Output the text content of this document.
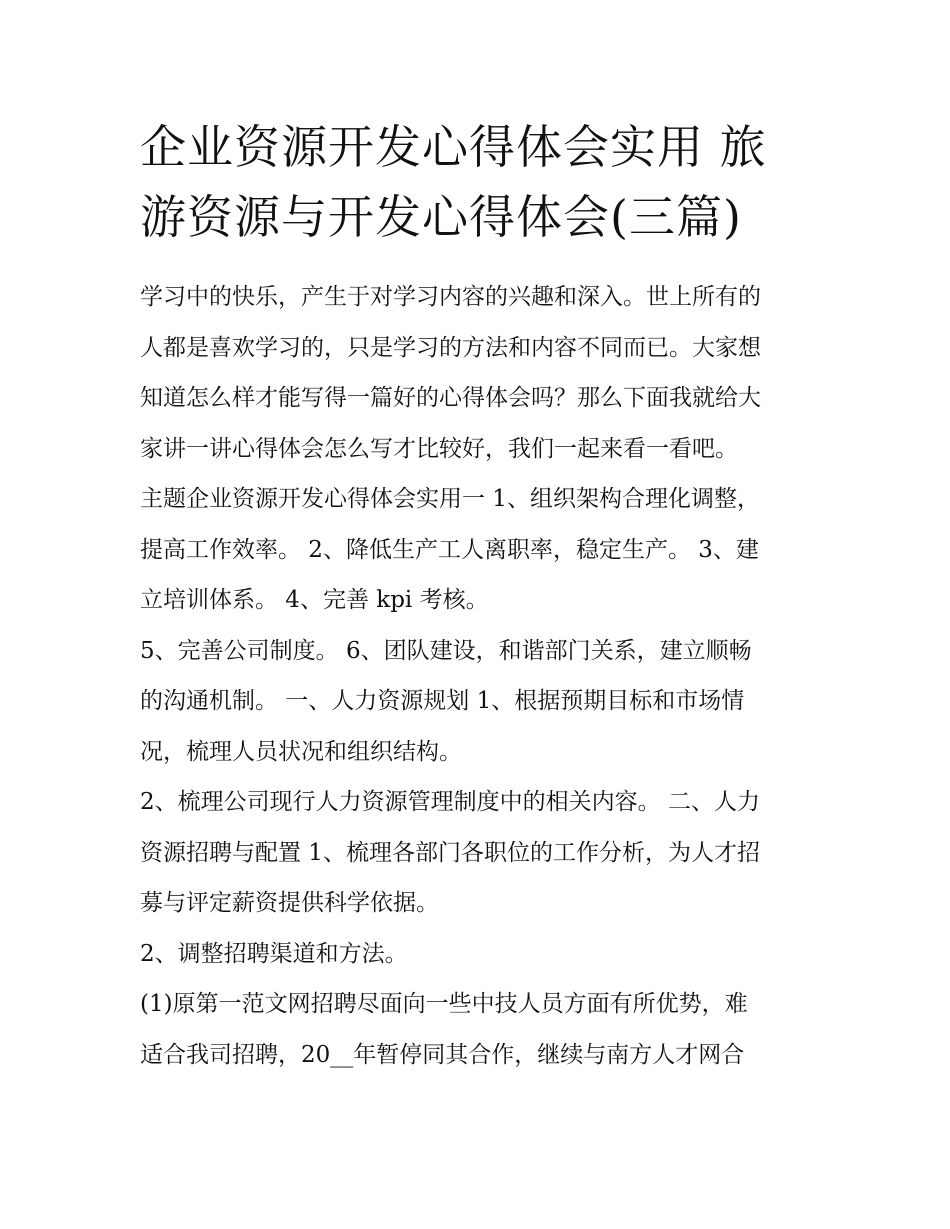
企业资源开发心得体会实用 旅
游资源与开发心得体会(三篇)
学习中的快乐，产生于对学习内容的兴趣和深入。世上所有的
人都是喜欢学习的，只是学习的方法和内容不同而已。大家想
知道怎么样才能写得一篇好的心得体会吗？那么下面我就给大
家讲一讲心得体会怎么写才比较好，我们一起来看一看吧。
主题企业资源开发心得体会实用一 1、组织架构合理化调整，
提高工作效率。 2、降低生产工人离职率，稳定生产。 3、建
立培训体系。 4、完善 kpi 考核。
5、完善公司制度。 6、团队建设，和谐部门关系，建立顺畅
的沟通机制。 一、人力资源规划 1、根据预期目标和市场情
况，梳理人员状况和组织结构。
2、梳理公司现行人力资源管理制度中的相关内容。 二、人力
资源招聘与配置 1、梳理各部门各职位的工作分析，为人才招
募与评定薪资提供科学依据。
2、调整招聘渠道和方法。
(1)原第一范文网招聘尽面向一些中技人员方面有所优势，难
适合我司招聘，20__年暂停同其合作，继续与南方人才网合
